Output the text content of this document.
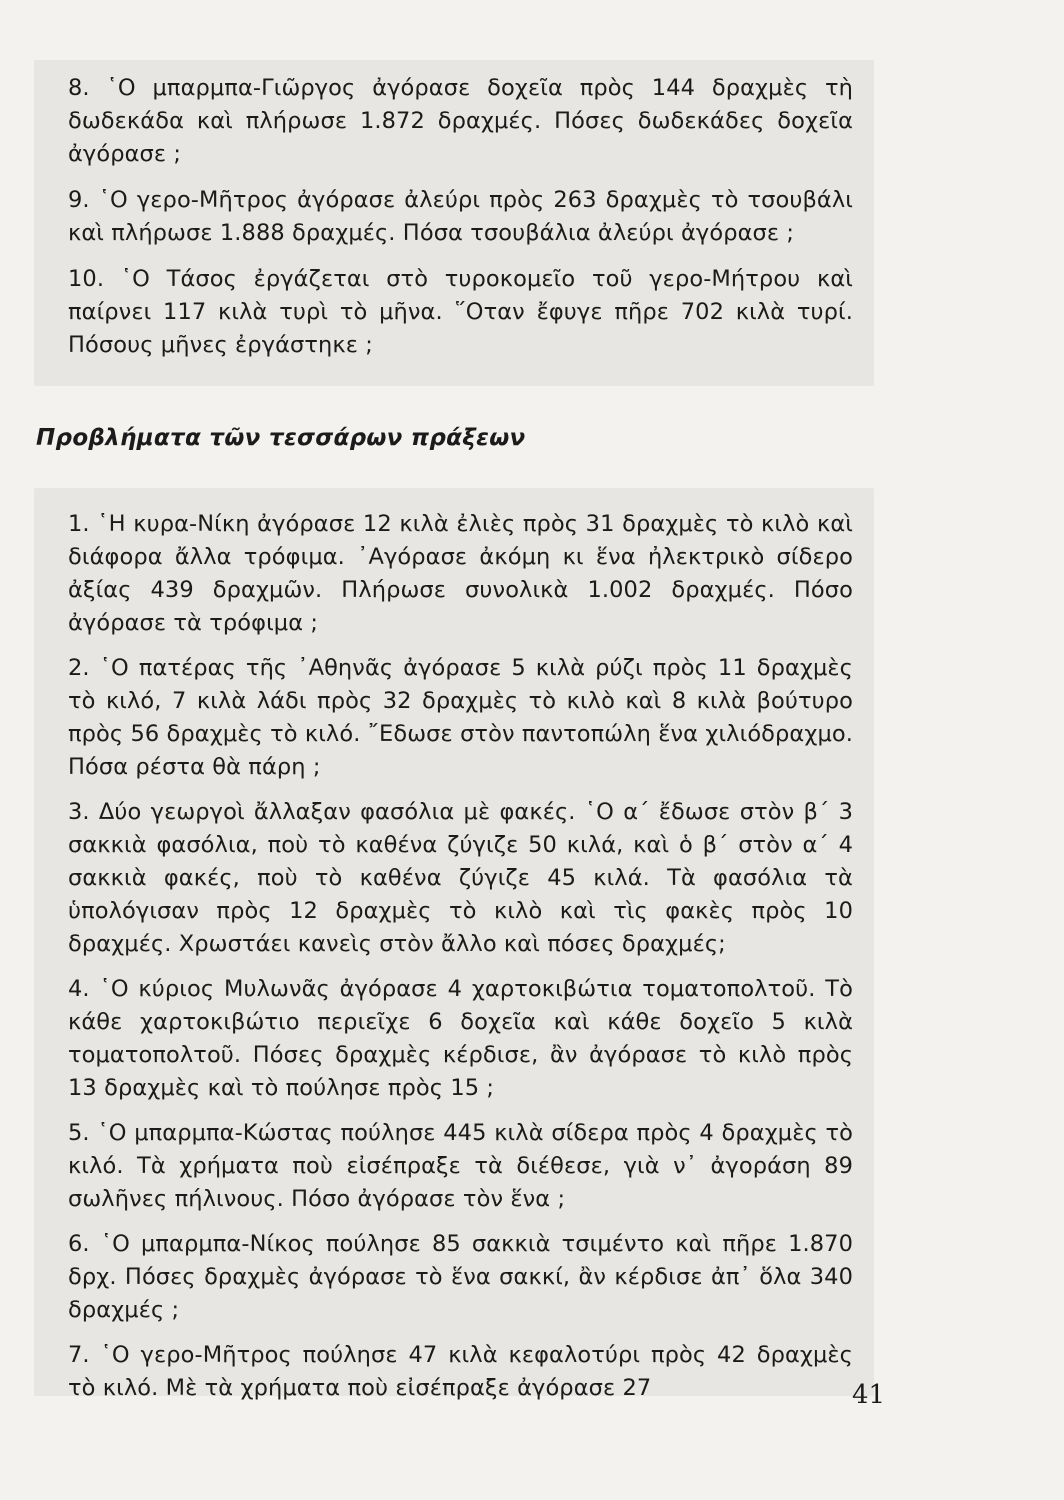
8. ῾Ο μπαρμπα-Γιῶργος ἀγόρασε δοχεῖα πρὸς 144 δραχμὲς τὴ δωδεκάδα καὶ πλήρωσε 1.872 δραχμές. Πόσες δωδεκάδες δοχεῖα ἀγόρασε ;

9. ῾Ο γερο-Μῆτρος ἀγόρασε ἀλεύρι πρὸς 263 δραχμὲς τὸ τσουβάλι καὶ πλήρωσε 1.888 δραχμές. Πόσα τσουβάλια ἀλεύρι ἀγόρασε ;

10. ῾Ο Τάσος ἐργάζεται στὸ τυροκομεῖο τοῦ γερο-Μήτρου καὶ παίρνει 117 κιλὰ τυρὶ τὸ μῆνα. ῞Οταν ἔφυγε πῆρε 702 κιλὰ τυρί. Πόσους μῆνες ἐργάστηκε ;

Προβλήματα τῶν τεσσάρων πράξεων

1. ῾Η κυρα-Νίκη ἀγόρασε 12 κιλὰ ἐλιὲς πρὸς 31 δραχμὲς τὸ κιλὸ καὶ διάφορα ἄλλα τρόφιμα. ᾿Αγόρασε ἀκόμη κι ἕνα ἠλεκτρικὸ σίδερο ἀξίας 439 δραχμῶν. Πλήρωσε συνολικὰ 1.002 δραχμές. Πόσο ἀγόρασε τὰ τρόφιμα ;

2. ῾Ο πατέρας τῆς ᾿Αθηνᾶς ἀγόρασε 5 κιλὰ ρύζι πρὸς 11 δραχμὲς τὸ κιλό, 7 κιλὰ λάδι πρὸς 32 δραχμὲς τὸ κιλὸ καὶ 8 κιλὰ βούτυρο πρὸς 56 δραχμὲς τὸ κιλό. ῎Εδωσε στὸν παντοπώλη ἕνα χιλιόδραχμο. Πόσα ρέστα θὰ πάρη ;

3. Δύο γεωργοὶ ἄλλαξαν φασόλια μὲ φακές. ῾Ο α΄ ἔδωσε στὸν β΄ 3 σακκιὰ φασόλια, ποὺ τὸ καθένα ζύγιζε 50 κιλά, καὶ ὁ β΄ στὸν α΄ 4 σακκιὰ φακές, ποὺ τὸ καθένα ζύγιζε 45 κιλά. Τὰ φασόλια τὰ ὑπολόγισαν πρὸς 12 δραχμὲς τὸ κιλὸ καὶ τὶς φακὲς πρὸς 10 δραχμές. Χρωστάει κανεὶς στὸν ἄλλο καὶ πόσες δραχμές;

4. ῾Ο κύριος Μυλωνᾶς ἀγόρασε 4 χαρτοκιβώτια τοματοπολτοῦ. Τὸ κάθε χαρτοκιβώτιο περιεῖχε 6 δοχεῖα καὶ κάθε δοχεῖο 5 κιλὰ τοματοπολτοῦ. Πόσες δραχμὲς κέρδισε, ἂν ἀγόρασε τὸ κιλὸ πρὸς 13 δραχμὲς καὶ τὸ πούλησε πρὸς 15 ;

5. ῾Ο μπαρμπα-Κώστας πούλησε 445 κιλὰ σίδερα πρὸς 4 δραχμὲς τὸ κιλό. Τὰ χρήματα ποὺ εἰσέπραξε τὰ διέθεσε, γιὰ ν᾿ ἀγοράση 89 σωλῆνες πήλινους. Πόσο ἀγόρασε τὸν ἕνα ;

6. ῾Ο μπαρμπα-Νίκος πούλησε 85 σακκιὰ τσιμέντο καὶ πῆρε 1.870 δρχ. Πόσες δραχμὲς ἀγόρασε τὸ ἕνα σακκί, ἂν κέρδισε ἀπ᾿ ὅλα 340 δραχμές ;

7. ῾Ο γερο-Μῆτρος πούλησε 47 κιλὰ κεφαλοτύρι πρὸς 42 δραχμὲς τὸ κιλό. Μὲ τὰ χρήματα ποὺ εἰσέπραξε ἀγόρασε 27	41
